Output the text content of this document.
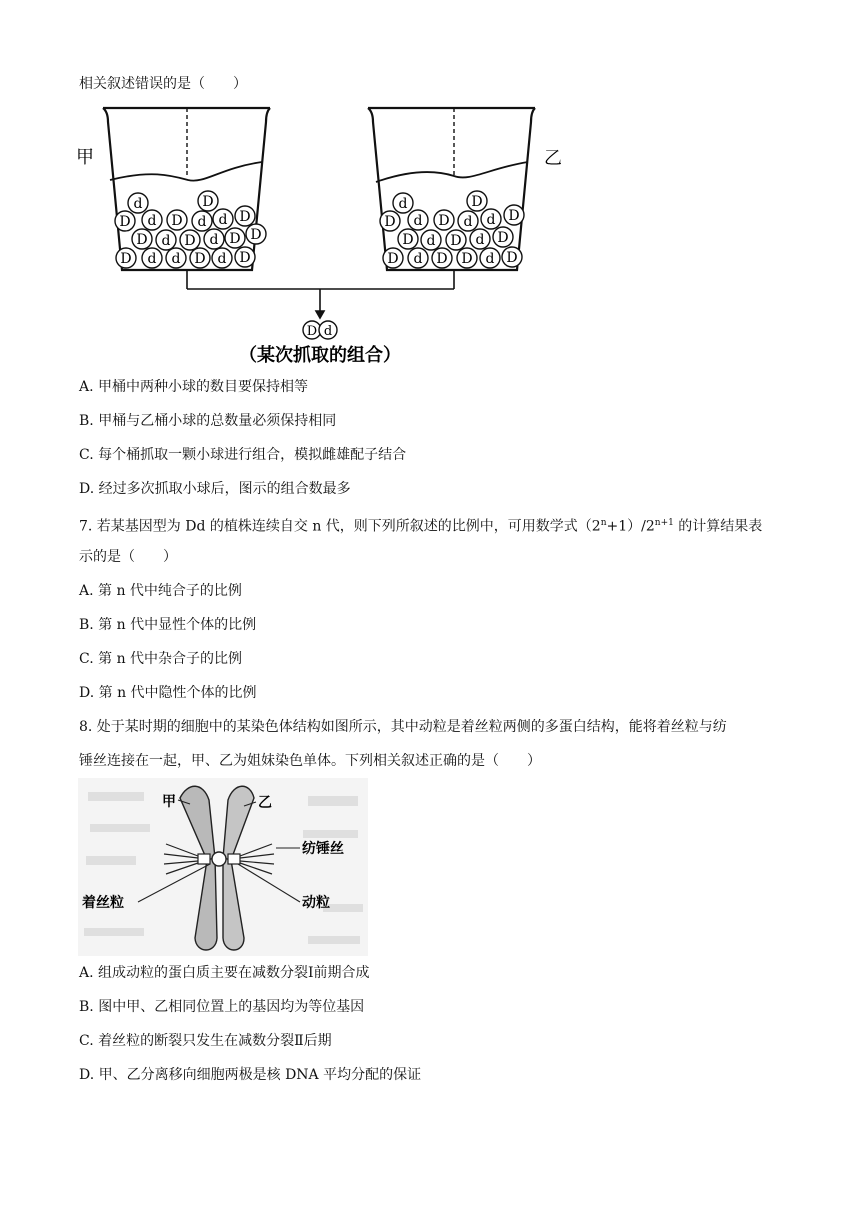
相关叙述错误的是（　　）
甲	乙
d	D
D d D d d D
D d D d D D
D d d D d D
d	D
D d D d d D
D d D d D
D d D D d D
D d
（某次抓取的组合）
A. 甲桶中两种小球的数目要保持相等
B. 甲桶与乙桶小球的总数量必须保持相同
C. 每个桶抓取一颗小球进行组合，模拟雌雄配子结合
D. 经过多次抓取小球后，图示的组合数最多
7. 若某基因型为 Dd 的植株连续自交 n 代，则下列所叙述的比例中，可用数学式$(2^n+1)/2^{n+1}$ 的计算结果表
示的是（　　）
A. 第 n 代中纯合子的比例
B. 第 n 代中显性个体的比例
C. 第 n 代中杂合子的比例
D. 第 n 代中隐性个体的比例
8. 处于某时期的细胞中的某染色体结构如图所示，其中动粒是着丝粒两侧的多蛋白结构，能将着丝粒与纺
锤丝连接在一起，甲、乙为姐妹染色单体。下列相关叙述正确的是（　　）
甲	乙
纺锤丝
着丝粒	动粒
A. 组成动粒的蛋白质主要在减数分裂Ⅰ前期合成
B. 图中甲、乙相同位置上的基因均为等位基因
C. 着丝粒的断裂只发生在减数分裂Ⅱ后期
D. 甲、乙分离移向细胞两极是核 DNA 平均分配的保证
